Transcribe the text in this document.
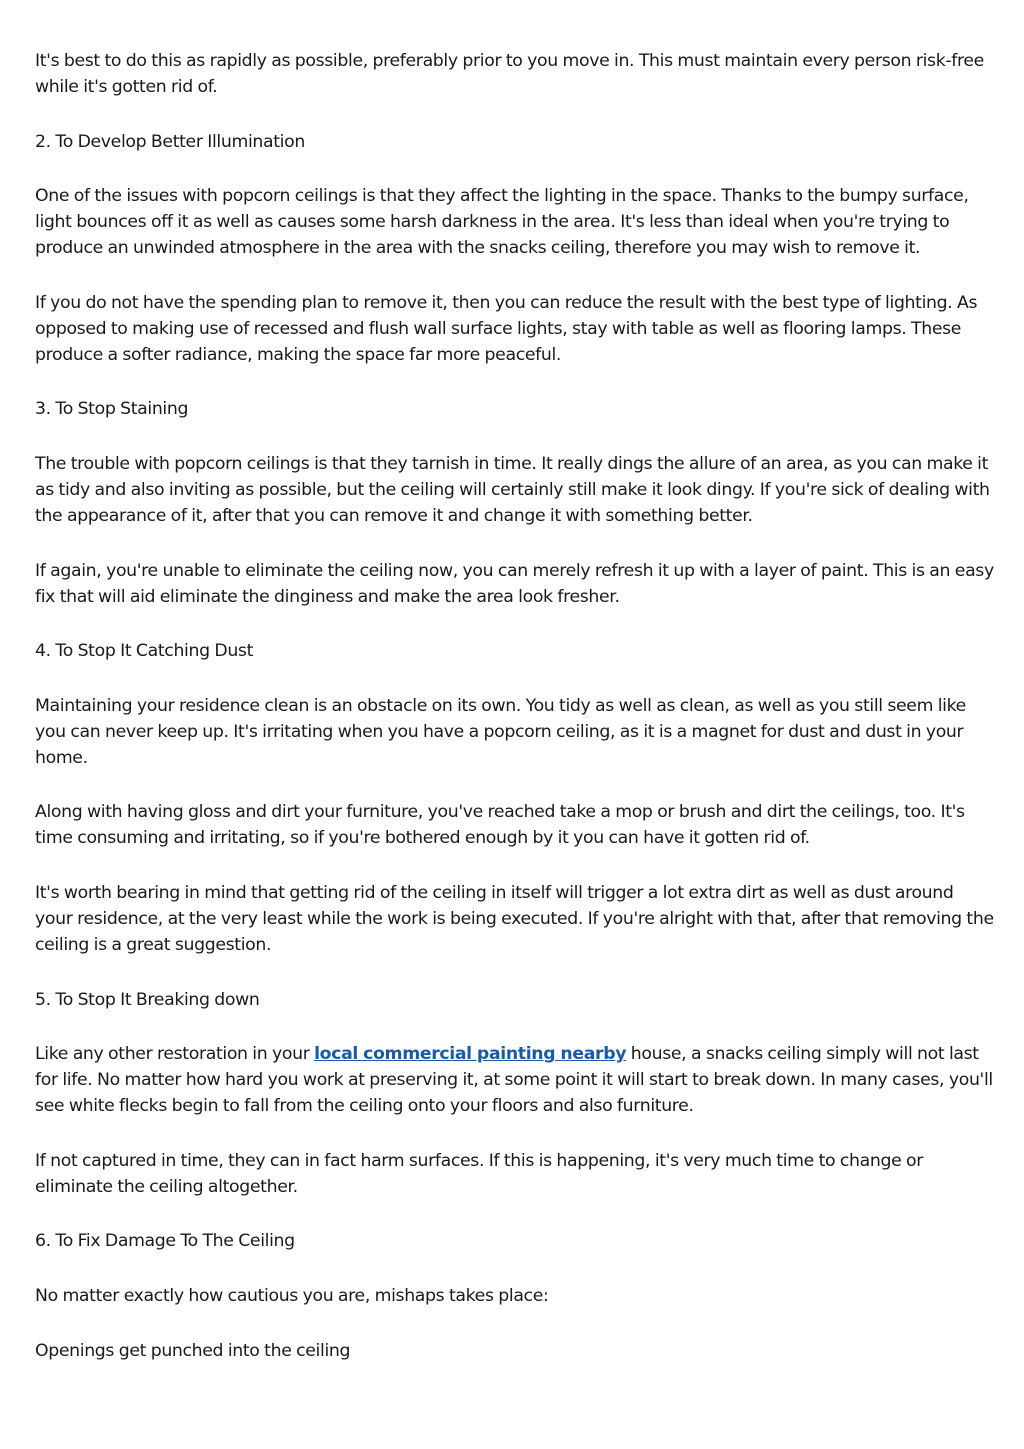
It's best to do this as rapidly as possible, preferably prior to you move in. This must maintain every person risk-free while it's gotten rid of.

2. To Develop Better Illumination

One of the issues with popcorn ceilings is that they affect the lighting in the space. Thanks to the bumpy surface, light bounces off it as well as causes some harsh darkness in the area. It's less than ideal when you're trying to produce an unwinded atmosphere in the area with the snacks ceiling, therefore you may wish to remove it.

If you do not have the spending plan to remove it, then you can reduce the result with the best type of lighting. As opposed to making use of recessed and flush wall surface lights, stay with table as well as flooring lamps. These produce a softer radiance, making the space far more peaceful.

3. To Stop Staining

The trouble with popcorn ceilings is that they tarnish in time. It really dings the allure of an area, as you can make it as tidy and also inviting as possible, but the ceiling will certainly still make it look dingy. If you're sick of dealing with the appearance of it, after that you can remove it and change it with something better.

If again, you're unable to eliminate the ceiling now, you can merely refresh it up with a layer of paint. This is an easy fix that will aid eliminate the dinginess and make the area look fresher.

4. To Stop It Catching Dust

Maintaining your residence clean is an obstacle on its own. You tidy as well as clean, as well as you still seem like you can never keep up. It's irritating when you have a popcorn ceiling, as it is a magnet for dust and dust in your home.

Along with having gloss and dirt your furniture, you've reached take a mop or brush and dirt the ceilings, too. It's time consuming and irritating, so if you're bothered enough by it you can have it gotten rid of.

It's worth bearing in mind that getting rid of the ceiling in itself will trigger a lot extra dirt as well as dust around your residence, at the very least while the work is being executed. If you're alright with that, after that removing the ceiling is a great suggestion.

5. To Stop It Breaking down

Like any other restoration in your local commercial painting nearby house, a snacks ceiling simply will not last for life. No matter how hard you work at preserving it, at some point it will start to break down. In many cases, you'll see white flecks begin to fall from the ceiling onto your floors and also furniture.

If not captured in time, they can in fact harm surfaces. If this is happening, it's very much time to change or eliminate the ceiling altogether.

6. To Fix Damage To The Ceiling

No matter exactly how cautious you are, mishaps takes place:

Openings get punched into the ceiling
